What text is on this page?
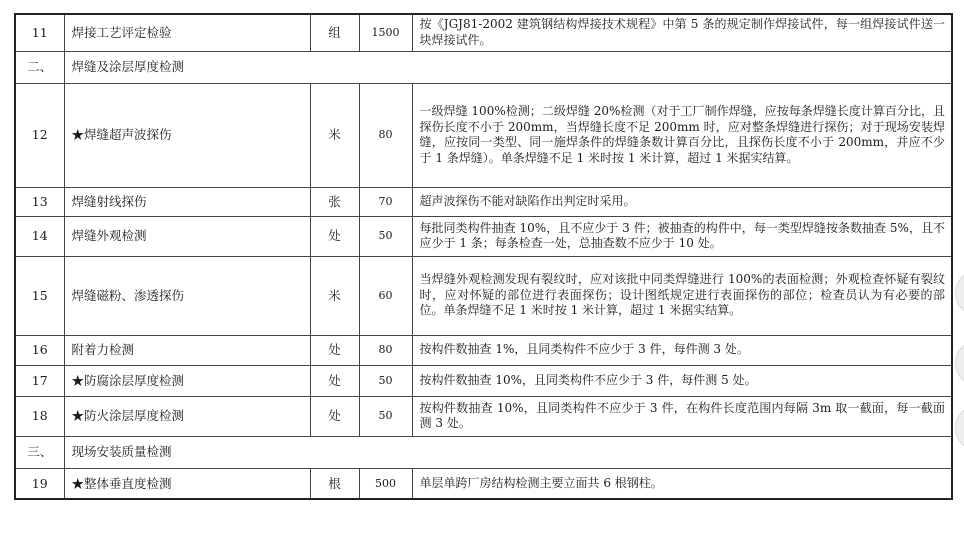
11	焊接工艺评定检验	组	1500	按《JGJ81-2002 建筑钢结构焊接技术规程》中第 5 条的规定制作焊接试件，每一组焊接试件送一块焊接试件。
二、	焊缝及涂层厚度检测			
12	★焊缝超声波探伤	米	80	一级焊缝 100%检测；二级焊缝 20%检测（对于工厂制作焊缝，应按每条焊缝长度计算百分比，且探伤长度不小于 200mm，当焊缝长度不足 200mm 时，应对整条焊缝进行探伤；对于现场安装焊缝，应按同一类型、同一施焊条件的焊缝条数计算百分比，且探伤长度不小于 200mm，并应不少于 1 条焊缝）。单条焊缝不足 1 米时按 1 米计算，超过 1 米据实结算。
13	焊缝射线探伤	张	70	超声波探伤不能对缺陷作出判定时采用。
14	焊缝外观检测	处	50	每批同类构件抽查 10%，且不应少于 3 件；被抽查的构件中，每一类型焊缝按条数抽查 5%，且不应少于 1 条；每条检查一处，总抽查数不应少于 10 处。
15	焊缝磁粉、渗透探伤	米	60	当焊缝外观检测发现有裂纹时，应对该批中同类焊缝进行 100%的表面检测；外观检查怀疑有裂纹时，应对怀疑的部位进行表面探伤；设计图纸规定进行表面探伤的部位；检查员认为有必要的部位。单条焊缝不足 1 米时按 1 米计算，超过 1 米据实结算。
16	附着力检测	处	80	按构件数抽查 1%，且同类构件不应少于 3 件，每件测 3 处。
17	★防腐涂层厚度检测	处	50	按构件数抽查 10%，且同类构件不应少于 3 件，每件测 5 处。
18	★防火涂层厚度检测	处	50	按构件数抽查 10%，且同类构件不应少于 3 件，在构件长度范围内每隔 3m 取一截面，每一截面测 3 处。
三、	现场安装质量检测			
19	★整体垂直度检测	根	500	单层单跨厂房结构检测主要立面共 6 根钢柱。
